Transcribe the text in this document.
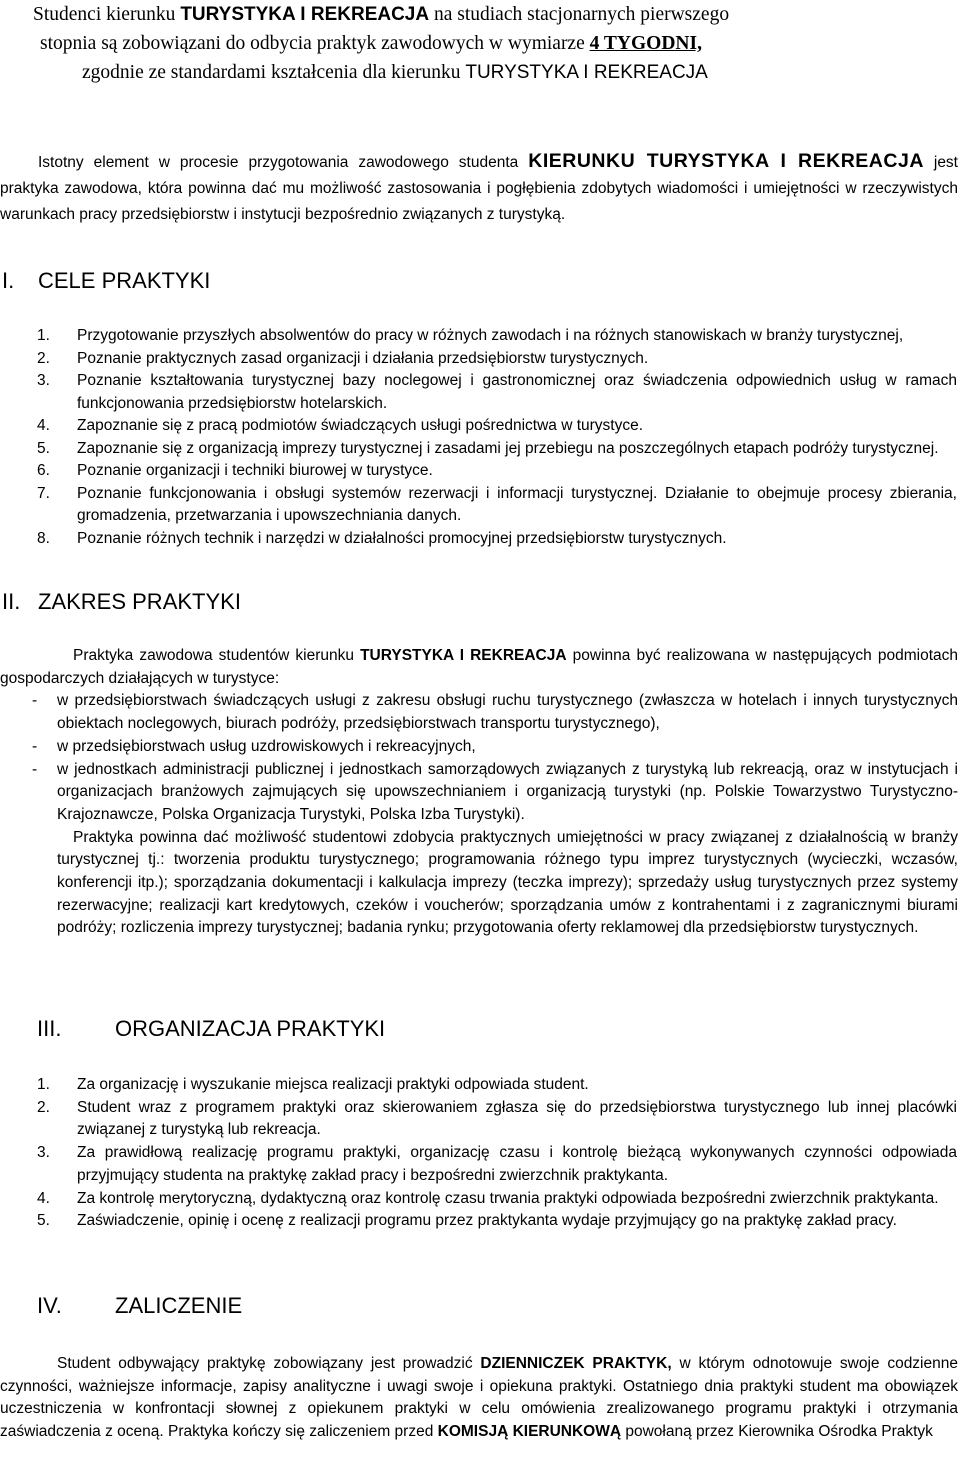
Studenci kierunku TURYSTYKA I REKREACJA na studiach stacjonarnych pierwszego
stopnia są zobowiązani do odbycia praktyk zawodowych w wymiarze 4 TYGODNI,
zgodnie ze standardami kształcenia dla kierunku TURYSTYKA I REKREACJA
Istotny element w procesie przygotowania zawodowego studenta KIERUNKU TURYSTYKA I REKREACJA jest praktyka zawodowa, która powinna dać mu możliwość zastosowania i pogłębienia zdobytych wiadomości i umiejętności w rzeczywistych warunkach pracy przedsiębiorstw i instytucji bezpośrednio związanych z turystyką.
I. CELE PRAKTYKI
1. Przygotowanie przyszłych absolwentów do pracy w różnych zawodach i na różnych stanowiskach w branży turystycznej,
2. Poznanie praktycznych zasad organizacji i działania przedsiębiorstw turystycznych.
3. Poznanie kształtowania turystycznej bazy noclegowej i gastronomicznej oraz świadczenia odpowiednich usług w ramach funkcjonowania przedsiębiorstw hotelarskich.
4. Zapoznanie się z pracą podmiotów świadczących usługi pośrednictwa w turystyce.
5. Zapoznanie się z organizacją imprezy turystycznej i zasadami jej przebiegu na poszczególnych etapach podróży turystycznej.
6. Poznanie organizacji i techniki biurowej w turystyce.
7. Poznanie funkcjonowania i obsługi systemów rezerwacji i informacji turystycznej. Działanie to obejmuje procesy zbierania, gromadzenia, przetwarzania i upowszechniania danych.
8. Poznanie różnych technik i narzędzi w działalności promocyjnej przedsiębiorstw turystycznych.
II. ZAKRES PRAKTYKI
Praktyka zawodowa studentów kierunku TURYSTYKA I REKREACJA powinna być realizowana w następujących podmiotach gospodarczych działających w turystyce:
- w przedsiębiorstwach świadczących usługi z zakresu obsługi ruchu turystycznego (zwłaszcza w hotelach i innych turystycznych obiektach noclegowych, biurach podróży, przedsiębiorstwach transportu turystycznego),
- w przedsiębiorstwach usług uzdrowiskowych i rekreacyjnych,
- w jednostkach administracji publicznej i jednostkach samorządowych związanych z turystyką lub rekreacją, oraz w instytucjach i organizacjach branżowych zajmujących się upowszechnianiem i organizacją turystyki (np. Polskie Towarzystwo Turystyczno-Krajoznawcze, Polska Organizacja Turystyki, Polska Izba Turystyki).
Praktyka powinna dać możliwość studentowi zdobycia praktycznych umiejętności w pracy związanej z działalnością w branży turystycznej tj.: tworzenia produktu turystycznego; programowania różnego typu imprez turystycznych (wycieczki, wczasów, konferencji itp.); sporządzania dokumentacji i kalkulacja imprezy (teczka imprezy); sprzedaży usług turystycznych przez systemy rezerwacyjne; realizacji kart kredytowych, czeków i voucherów; sporządzania umów z kontrahentami i z zagranicznymi biurami podróży; rozliczenia imprezy turystycznej; badania rynku; przygotowania oferty reklamowej dla przedsiębiorstw turystycznych.
III. ORGANIZACJA PRAKTYKI
1. Za organizację i wyszukanie miejsca realizacji praktyki odpowiada student.
2. Student wraz z programem praktyki oraz skierowaniem zgłasza się do przedsiębiorstwa turystycznego lub innej placówki związanej z turystyką lub rekreacja.
3. Za prawidłową realizację programu praktyki, organizację czasu i kontrolę bieżącą wykonywanych czynności odpowiada przyjmujący studenta na praktykę zakład pracy i bezpośredni zwierzchnik praktykanta.
4. Za kontrolę merytoryczną, dydaktyczną oraz kontrolę czasu trwania praktyki odpowiada bezpośredni zwierzchnik praktykanta.
5. Zaświadczenie, opinię i ocenę z realizacji programu przez praktykanta wydaje przyjmujący go na praktykę zakład pracy.
IV. ZALICZENIE
Student odbywający praktykę zobowiązany jest prowadzić DZIENNICZEK PRAKTYK, w którym odnotowuje swoje codzienne czynności, ważniejsze informacje, zapisy analityczne i uwagi swoje i opiekuna praktyki. Ostatniego dnia praktyki student ma obowiązek uczestniczenia w konfrontacji słownej z opiekunem praktyki w celu omówienia zrealizowanego programu praktyki i otrzymania zaświadczenia z oceną. Praktyka kończy się zaliczeniem przed KOMISJĄ KIERUNKOWĄ powołaną przez Kierownika Ośrodka Praktyk
